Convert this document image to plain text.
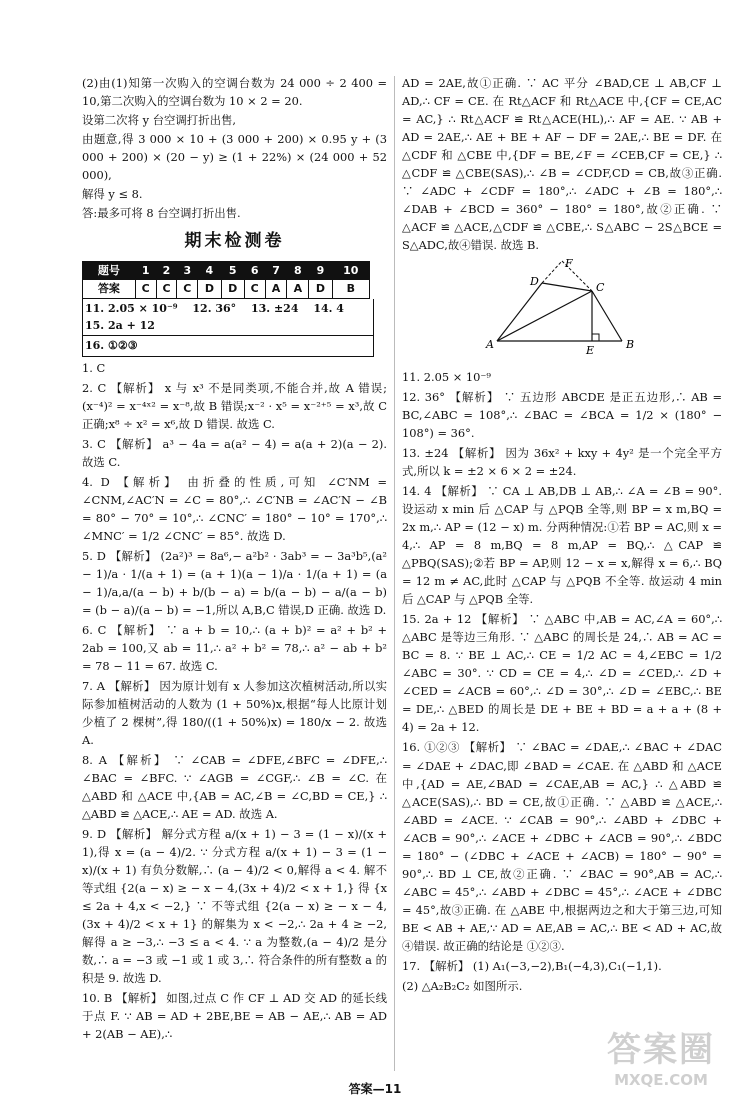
(2)由(1)知第一次购入的空调台数为 24 000 ÷ 2 400 = 10,第二次购入的空调台数为 10 × 2 = 20.

设第二次将 y 台空调打折出售,

由题意,得 3 000 × 10 + (3 000 + 200) × 0.95 y + (3 000 + 200) × (20 − y) ≥ (1 + 22%) × (24 000 + 52 000),

解得 y ≤ 8.

答:最多可将 8 台空调打折出售.

期末检测卷
题号	1	2	3	4	5	6	7	8	9	10
答案	C	C	C	D	D	C	A	A	D	B
11. 2.05 × 10⁻⁹　 12. 36°　 13. ±24　 14. 4　 15. 2a + 12
16. ①②③

1. C

2. C 【解析】 x 与 x³ 不是同类项,不能合并,故 A 错误;(x⁻⁴)² = x⁻⁴ˣ² = x⁻⁸,故 B 错误;x⁻² · x⁵ = x⁻²⁺⁵ = x³,故 C 正确;x⁸ ÷ x² = x⁶,故 D 错误. 故选 C.

3. C 【解析】 a³ − 4a = a(a² − 4) = a(a + 2)(a − 2). 故选 C.

4. D 【解析】 由折叠的性质,可知 ∠C′NM = ∠CNM,∠AC′N = ∠C = 80°,∴ ∠C′NB = ∠AC′N − ∠B = 80° − 70° = 10°,∴ ∠CNC′ = 180° − 10° = 170°,∴ ∠MNC′ = 1/2 ∠CNC′ = 85°. 故选 D.

5. D 【解析】 (2a²)³ = 8a⁶,− a²b² · 3ab³ = − 3a³b⁵,(a² − 1)/a · 1/(a + 1) = (a + 1)(a − 1)/a · 1/(a + 1) = (a − 1)/a,a/(a − b) + b/(b − a) = b/(a − b) − a/(a − b) = (b − a)/(a − b) = −1,所以 A,B,C 错误,D 正确. 故选 D.

6. C 【解析】 ∵ a + b = 10,∴ (a + b)² = a² + b² + 2ab = 100,又 ab = 11,∴ a² + b² = 78,∴ a² − ab + b² = 78 − 11 = 67. 故选 C.

7. A 【解析】 因为原计划有 x 人参加这次植树活动,所以实际参加植树活动的人数为 (1 + 50%)x,根据“每人比原计划少植了 2 棵树”,得 180/((1 + 50%)x) = 180/x − 2. 故选 A.

8. A 【解析】 ∵ ∠CAB = ∠DFE,∠BFC = ∠DFE,∴ ∠BAC = ∠BFC. ∵ ∠AGB = ∠CGF,∴ ∠B = ∠C. 在 △ABD 和 △ACE 中,{AB = AC,∠B = ∠C,BD = CE,} ∴ △ABD ≌ △ACE,∴ AE = AD. 故选 A.

9. D 【解析】 解分式方程 a/(x + 1) − 3 = (1 − x)/(x + 1),得 x = (a − 4)/2. ∵ 分式方程 a/(x + 1) − 3 = (1 − x)/(x + 1) 有负分数解,∴ (a − 4)/2 < 0,解得 a < 4. 解不等式组 {2(a − x) ≥ − x − 4,(3x + 4)/2 < x + 1,} 得 {x ≤ 2a + 4,x < −2,} ∵ 不等式组 {2(a − x) ≥ − x − 4,(3x + 4)/2 < x + 1} 的解集为 x < −2,∴ 2a + 4 ≥ −2,解得 a ≥ −3,∴ −3 ≤ a < 4. ∵ a 为整数,(a − 4)/2 是分数,∴ a = −3 或 −1 或 1 或 3,∴ 符合条件的所有整数 a 的积是 9. 故选 D.

10. B 【解析】 如图,过点 C 作 CF ⊥ AD 交 AD 的延长线于点 F. ∵ AB = AD + 2BE,BE = AB − AE,∴ AB = AD + 2(AB − AE),∴

AD = 2AE,故①正确. ∵ AC 平分 ∠BAD,CE ⊥ AB,CF ⊥ AD,∴ CF = CE. 在 Rt△ACF 和 Rt△ACE 中,{CF = CE,AC = AC,} ∴ Rt△ACF ≌ Rt△ACE(HL),∴ AF = AE. ∵ AB + AD = 2AE,∴ AE + BE + AF − DF = 2AE,∴ BE = DF. 在 △CDF 和 △CBE 中,{DF = BE,∠F = ∠CEB,CF = CE,} ∴ △CDF ≌ △CBE(SAS),∴ ∠B = ∠CDF,CD = CB,故③正确. ∵ ∠ADC + ∠CDF = 180°,∴ ∠ADC + ∠B = 180°,∴ ∠DAB + ∠BCD = 360° − 180° = 180°,故②正确. ∵ △ACF ≌ △ACE,△CDF ≌ △CBE,∴ S△ABC − 2S△BCE = S△ADC,故④错误. 故选 B.

F
D	C
A	E	B

11. 2.05 × 10⁻⁹

12. 36° 【解析】 ∵ 五边形 ABCDE 是正五边形,∴ AB = BC,∠ABC = 108°,∴ ∠BAC = ∠BCA = 1/2 × (180° − 108°) = 36°.

13. ±24 【解析】 因为 36x² + kxy + 4y² 是一个完全平方式,所以 k = ±2 × 6 × 2 = ±24.

14. 4 【解析】 ∵ CA ⊥ AB,DB ⊥ AB,∴ ∠A = ∠B = 90°. 设运动 x min 后 △CAP 与 △PQB 全等,则 BP = x m,BQ = 2x m,∴ AP = (12 − x) m. 分两种情况:①若 BP = AC,则 x = 4,∴ AP = 8 m,BQ = 8 m,AP = BQ,∴ △CAP ≌ △PBQ(SAS);②若 BP = AP,则 12 − x = x,解得 x = 6,∴ BQ = 12 m ≠ AC,此时 △CAP 与 △PQB 不全等. 故运动 4 min 后 △CAP 与 △PQB 全等.

15. 2a + 12 【解析】 ∵ △ABC 中,AB = AC,∠A = 60°,∴ △ABC 是等边三角形. ∵ △ABC 的周长是 24,∴ AB = AC = BC = 8. ∵ BE ⊥ AC,∴ CE = 1/2 AC = 4,∠EBC = 1/2 ∠ABC = 30°. ∵ CD = CE = 4,∴ ∠D = ∠CED,∴ ∠D + ∠CED = ∠ACB = 60°,∴ ∠D = 30°,∴ ∠D = ∠EBC,∴ BE = DE,∴ △BED 的周长是 DE + BE + BD = a + a + (8 + 4) = 2a + 12.

16. ①②③ 【解析】 ∵ ∠BAC = ∠DAE,∴ ∠BAC + ∠DAC = ∠DAE + ∠DAC,即 ∠BAD = ∠CAE. 在 △ABD 和 △ACE 中,{AD = AE,∠BAD = ∠CAE,AB = AC,} ∴ △ABD ≌ △ACE(SAS),∴ BD = CE,故①正确. ∵ △ABD ≌ △ACE,∴ ∠ABD = ∠ACE. ∵ ∠CAB = 90°,∴ ∠ABD + ∠DBC + ∠ACB = 90°,∴ ∠ACE + ∠DBC + ∠ACB = 90°,∴ ∠BDC = 180° − (∠DBC + ∠ACE + ∠ACB) = 180° − 90° = 90°,∴ BD ⊥ CE,故②正确. ∵ ∠BAC = 90°,AB = AC,∴ ∠ABC = 45°,∴ ∠ABD + ∠DBC = 45°,∴ ∠ACE + ∠DBC = 45°,故③正确. 在 △ABE 中,根据两边之和大于第三边,可知 BE < AB + AE,∵ AD = AE,AB = AC,∴ BE < AD + AC,故④错误. 故正确的结论是 ①②③.

17. 【解析】 (1) A₁(−3,−2),B₁(−4,3),C₁(−1,1).

(2) △A₂B₂C₂ 如图所示.

答案—11
答案圈
MXQE.COM
